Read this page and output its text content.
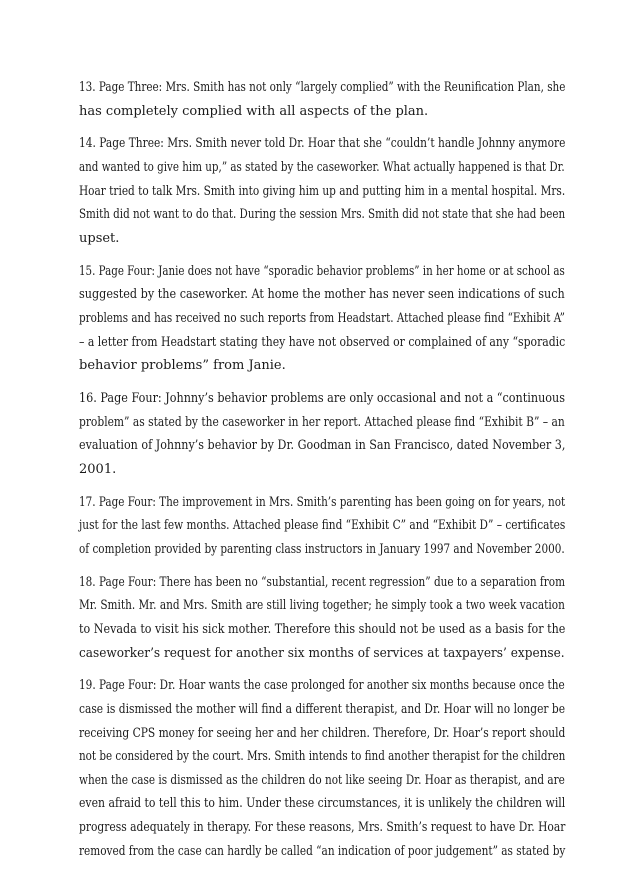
13. Page Three: Mrs. Smith has not only “largely complied” with the Reunification Plan, she
has completely complied with all aspects of the plan.

14. Page Three: Mrs. Smith never told Dr. Hoar that she “couldn’t handle Johnny anymore
and wanted to give him up,” as stated by the caseworker. What actually happened is that Dr.
Hoar tried to talk Mrs. Smith into giving him up and putting him in a mental hospital. Mrs.
Smith did not want to do that. During the session Mrs. Smith did not state that she had been
upset.

15. Page Four: Janie does not have “sporadic behavior problems” in her home or at school as
suggested by the caseworker. At home the mother has never seen indications of such
problems and has received no such reports from Headstart. Attached please find “Exhibit A”
– a letter from Headstart stating they have not observed or complained of any “sporadic
behavior problems” from Janie.

16. Page Four: Johnny’s behavior problems are only occasional and not a “continuous
problem” as stated by the caseworker in her report. Attached please find “Exhibit B” – an
evaluation of Johnny’s behavior by Dr. Goodman in San Francisco, dated November 3,
2001.

17. Page Four: The improvement in Mrs. Smith’s parenting has been going on for years, not
just for the last few months. Attached please find “Exhibit C” and “Exhibit D” – certificates
of completion provided by parenting class instructors in January 1997 and November 2000.

18. Page Four: There has been no “substantial, recent regression” due to a separation from
Mr. Smith. Mr. and Mrs. Smith are still living together; he simply took a two week vacation
to Nevada to visit his sick mother. Therefore this should not be used as a basis for the
caseworker’s request for another six months of services at taxpayers’ expense.

19. Page Four: Dr. Hoar wants the case prolonged for another six months because once the
case is dismissed the mother will find a different therapist, and Dr. Hoar will no longer be
receiving CPS money for seeing her and her children. Therefore, Dr. Hoar’s report should
not be considered by the court. Mrs. Smith intends to find another therapist for the children
when the case is dismissed as the children do not like seeing Dr. Hoar as therapist, and are
even afraid to tell this to him. Under these circumstances, it is unlikely the children will
progress adequately in therapy. For these reasons, Mrs. Smith’s request to have Dr. Hoar
removed from the case can hardly be called “an indication of poor judgement” as stated by
